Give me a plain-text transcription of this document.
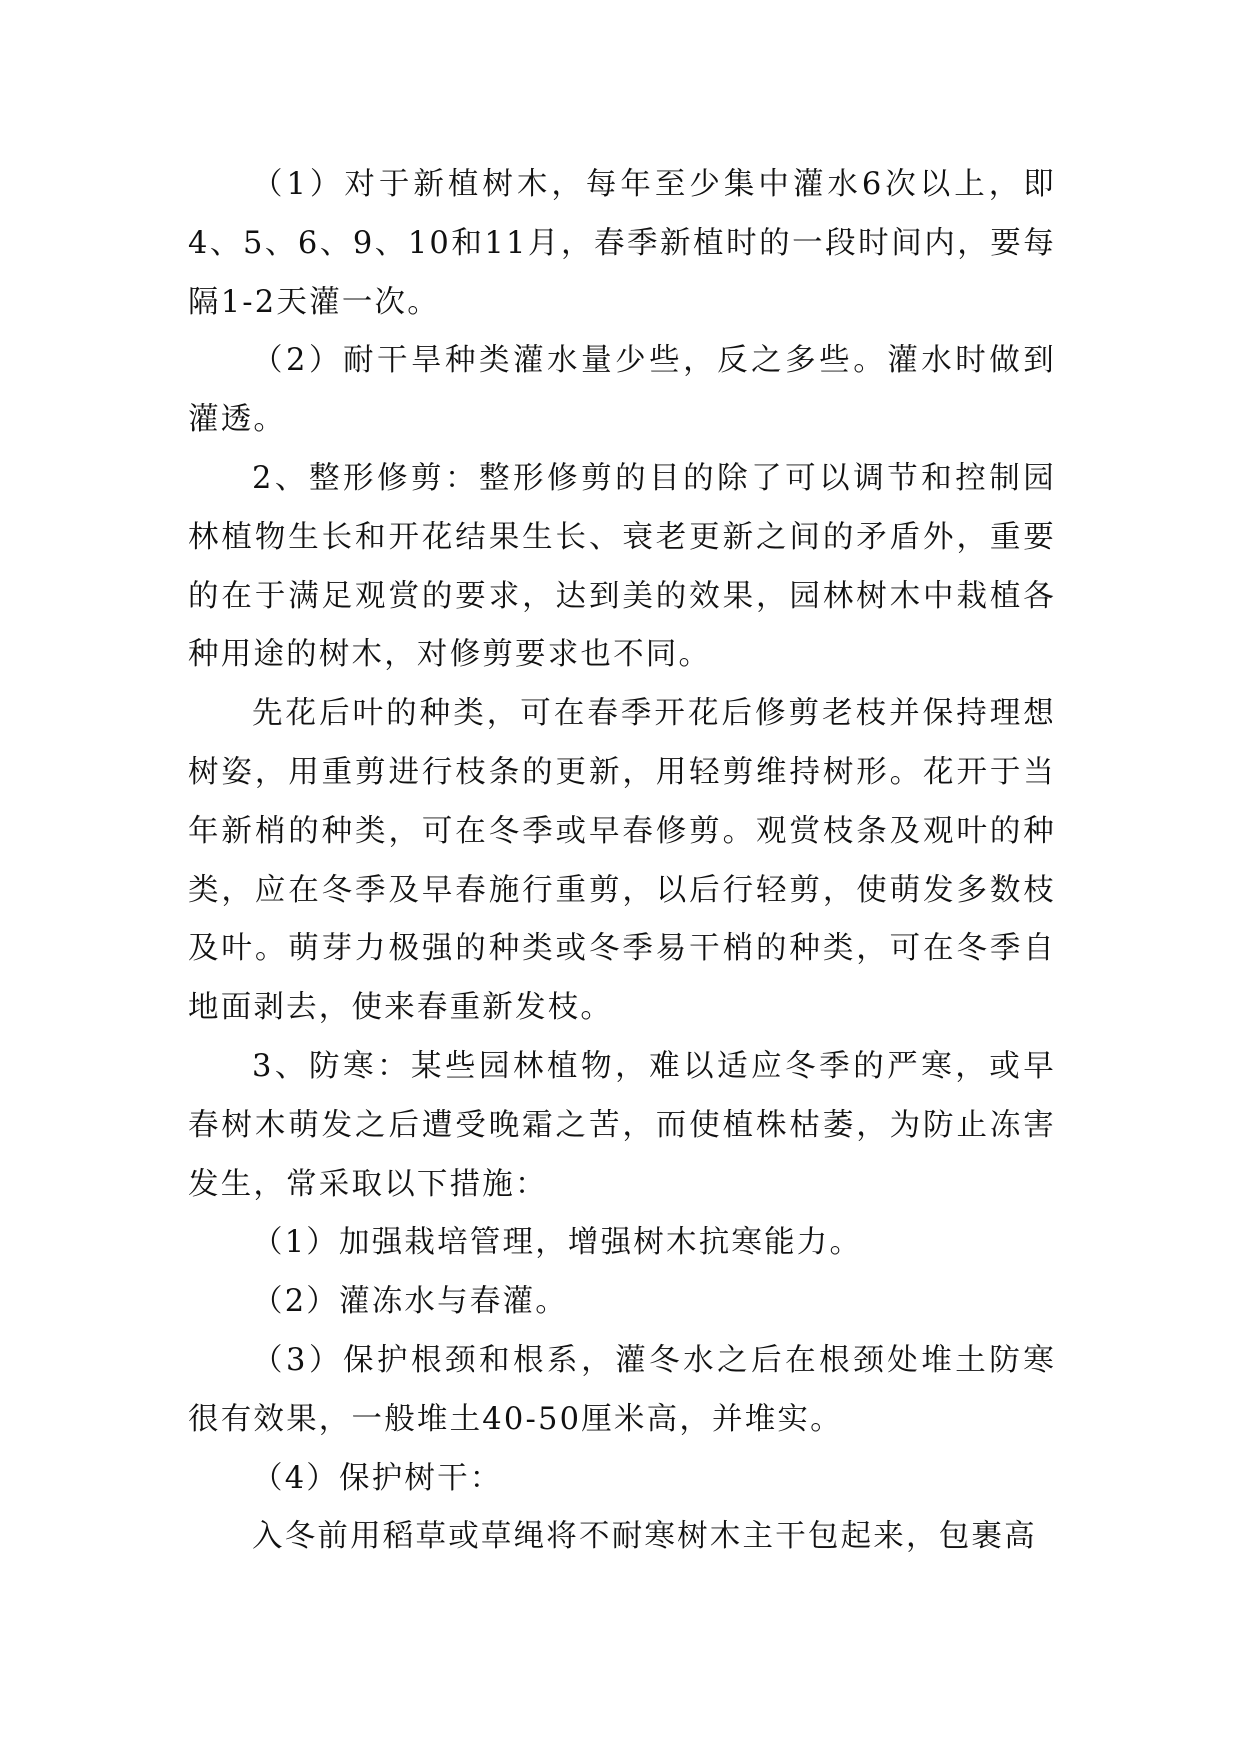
（1）对于新植树木，每年至少集中灌水6次以上，即4、5、6、9、10和11月，春季新植时的一段时间内，要每隔1-2天灌一次。

（2）耐干旱种类灌水量少些，反之多些。灌水时做到灌透。

2、整形修剪：整形修剪的目的除了可以调节和控制园林植物生长和开花结果生长、衰老更新之间的矛盾外，重要的在于满足观赏的要求，达到美的效果，园林树木中栽植各种用途的树木，对修剪要求也不同。

先花后叶的种类，可在春季开花后修剪老枝并保持理想树姿，用重剪进行枝条的更新，用轻剪维持树形。花开于当年新梢的种类，可在冬季或早春修剪。观赏枝条及观叶的种类，应在冬季及早春施行重剪，以后行轻剪，使萌发多数枝及叶。萌芽力极强的种类或冬季易干梢的种类，可在冬季自地面剥去，使来春重新发枝。

3、防寒：某些园林植物，难以适应冬季的严寒，或早春树木萌发之后遭受晚霜之苦，而使植株枯萎，为防止冻害发生，常采取以下措施：

（1）加强栽培管理，增强树木抗寒能力。

（2）灌冻水与春灌。

（3）保护根颈和根系，灌冬水之后在根颈处堆土防寒很有效果，一般堆土40-50厘米高，并堆实。

（4）保护树干：

入冬前用稻草或草绳将不耐寒树木主干包起来，包裹高
